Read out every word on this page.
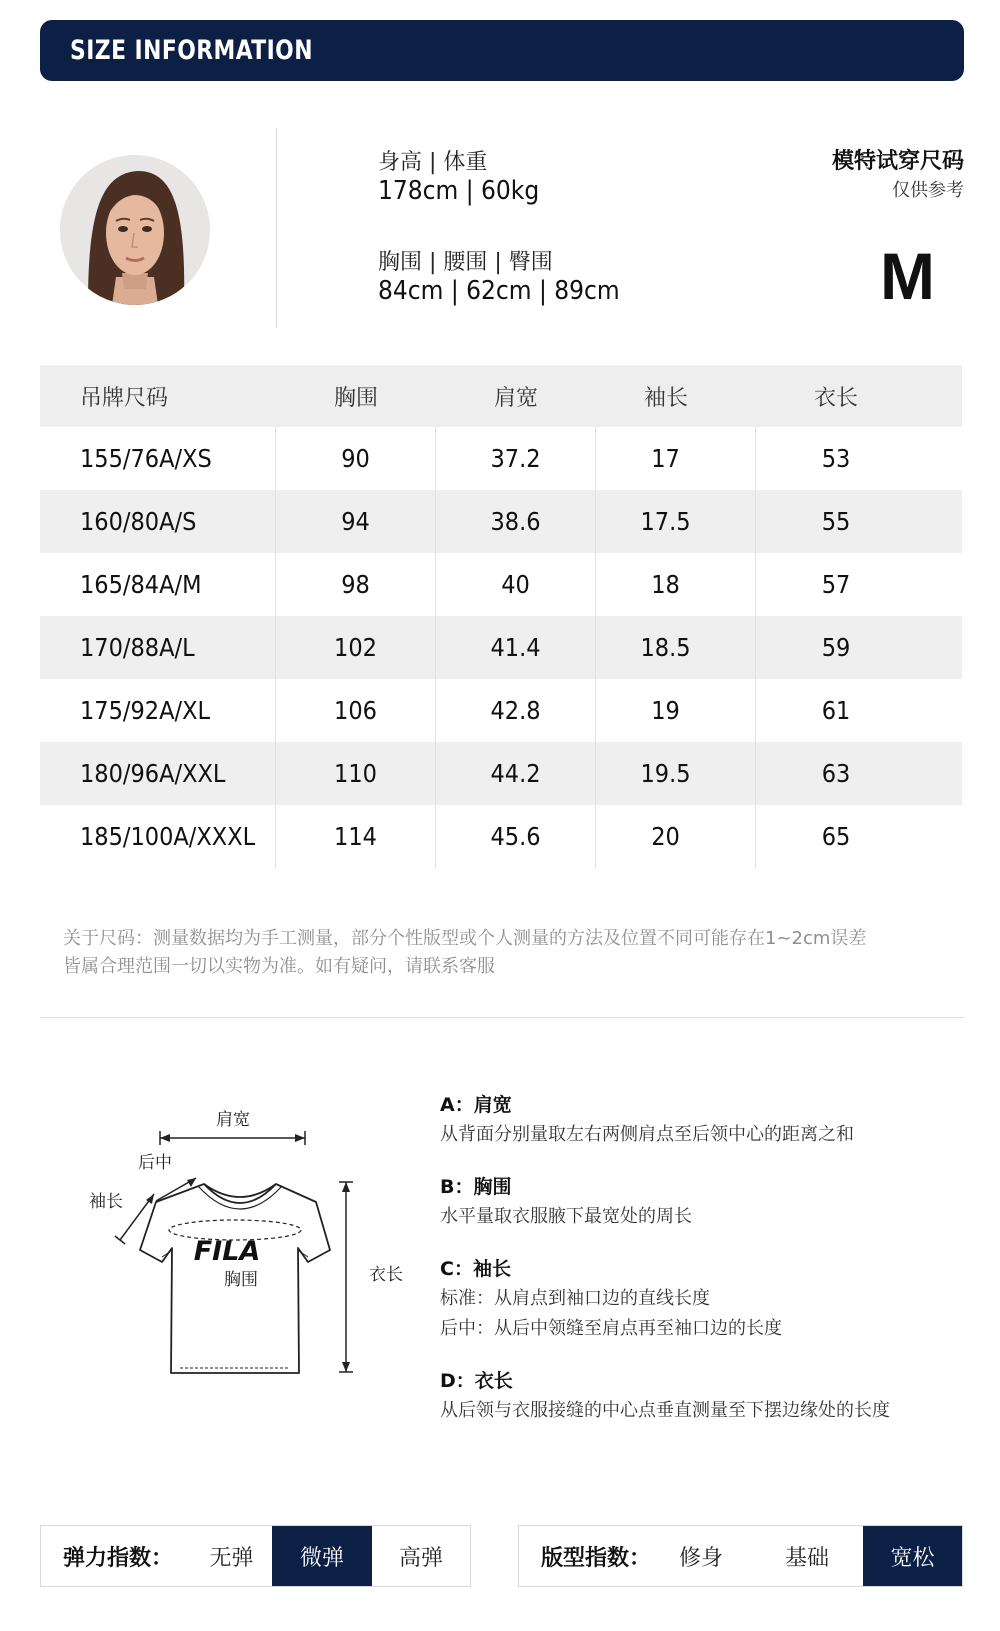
SIZE INFORMATION
身高 | 体重
178cm | 60kg
胸围 | 腰围 | 臀围
84cm | 62cm | 89cm
模特试穿尺码
仅供参考
M
吊牌尺码	胸围	肩宽	袖长	衣长
155/76A/XS	90	37.2	17	53
160/80A/S	94	38.6	17.5	55
165/84A/M	98	40	18	57
170/88A/L	102	41.4	18.5	59
175/92A/XL	106	42.8	19	61
180/96A/XXL	110	44.2	19.5	63
185/100A/XXXL	114	45.6	20	65
关于尺码：测量数据均为手工测量，部分个性版型或个人测量的方法及位置不同可能存在1~2cm误差
皆属合理范围一切以实物为准。如有疑问，请联系客服
肩宽
后中
袖长
FILA
胸围	衣长
A：肩宽
从背面分别量取左右两侧肩点至后领中心的距离之和
B：胸围
水平量取衣服腋下最宽处的周长
C：袖长
标准：从肩点到袖口边的直线长度
后中：从后中领缝至肩点再至袖口边的长度
D：衣长
从后领与衣服接缝的中心点垂直测量至下摆边缘处的长度
弹力指数：	无弹	微弹	高弹	版型指数：	修身	基础	宽松
